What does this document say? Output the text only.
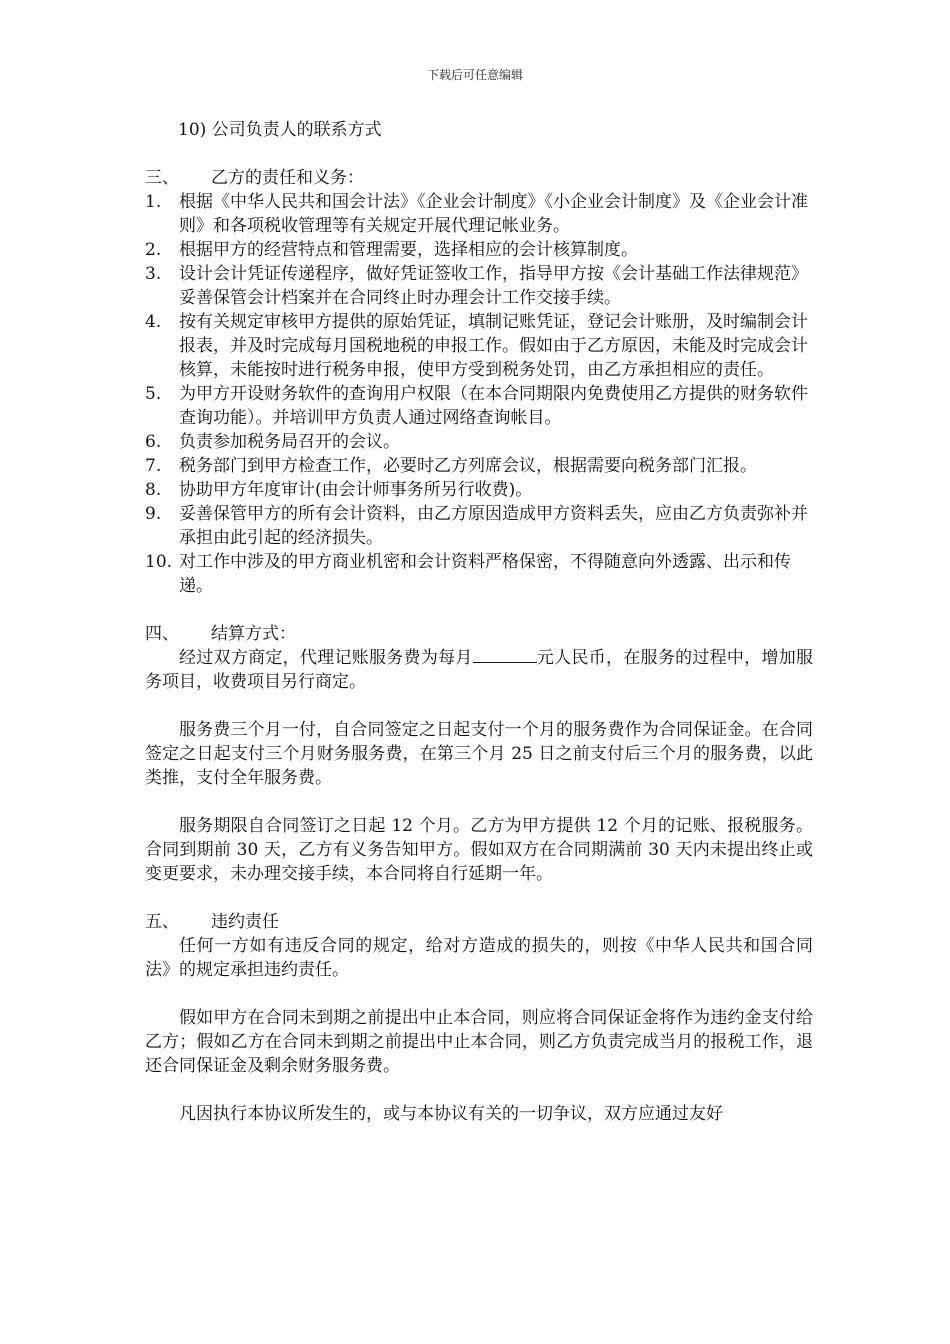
下载后可任意编辑
10) 公司负责人的联系方式
三、	乙方的责任和义务：
1.	根据《中华人民共和国会计法》《企业会计制度》《小企业会计制度》及《企业会计准则》和各项税收管理等有关规定开展代理记帐业务。
2.	根据甲方的经营特点和管理需要，选择相应的会计核算制度。
3.	设计会计凭证传递程序，做好凭证签收工作，指导甲方按《会计基础工作法律规范》妥善保管会计档案并在合同终止时办理会计工作交接手续。
4.	按有关规定审核甲方提供的原始凭证，填制记账凭证，登记会计账册，及时编制会计报表，并及时完成每月国税地税的申报工作。假如由于乙方原因，未能及时完成会计核算，未能按时进行税务申报，使甲方受到税务处罚，由乙方承担相应的责任。
5.	为甲方开设财务软件的查询用户权限（在本合同期限内免费使用乙方提供的财务软件查询功能）。并培训甲方负责人通过网络查询帐目。
6.	负责参加税务局召开的会议。
7.	税务部门到甲方检查工作，必要时乙方列席会议，根据需要向税务部门汇报。
8.	协助甲方年度审计(由会计师事务所另行收费)。
9.	妥善保管甲方的所有会计资料，由乙方原因造成甲方资料丢失，应由乙方负责弥补并承担由此引起的经济损失。
10. 对工作中涉及的甲方商业机密和会计资料严格保密，不得随意向外透露、出示和传递。
四、	结算方式：
经过双方商定，代理记账服务费为每月	元人民币，在服务的过程中，增加服务项目，收费项目另行商定。
服务费三个月一付，自合同签定之日起支付一个月的服务费作为合同保证金。在合同签定之日起支付三个月财务服务费，在第三个月 25 日之前支付后三个月的服务费，以此类推，支付全年服务费。
服务期限自合同签订之日起 12 个月。乙方为甲方提供 12 个月的记账、报税服务。合同到期前 30 天，乙方有义务告知甲方。假如双方在合同期满前 30 天内未提出终止或变更要求，未办理交接手续，本合同将自行延期一年。
五、	违约责任
任何一方如有违反合同的规定，给对方造成的损失的，则按《中华人民共和国合同法》的规定承担违约责任。
假如甲方在合同未到期之前提出中止本合同，则应将合同保证金将作为违约金支付给乙方；假如乙方在合同未到期之前提出中止本合同，则乙方负责完成当月的报税工作，退还合同保证金及剩余财务服务费。
凡因执行本协议所发生的，或与本协议有关的一切争议，双方应通过友好
